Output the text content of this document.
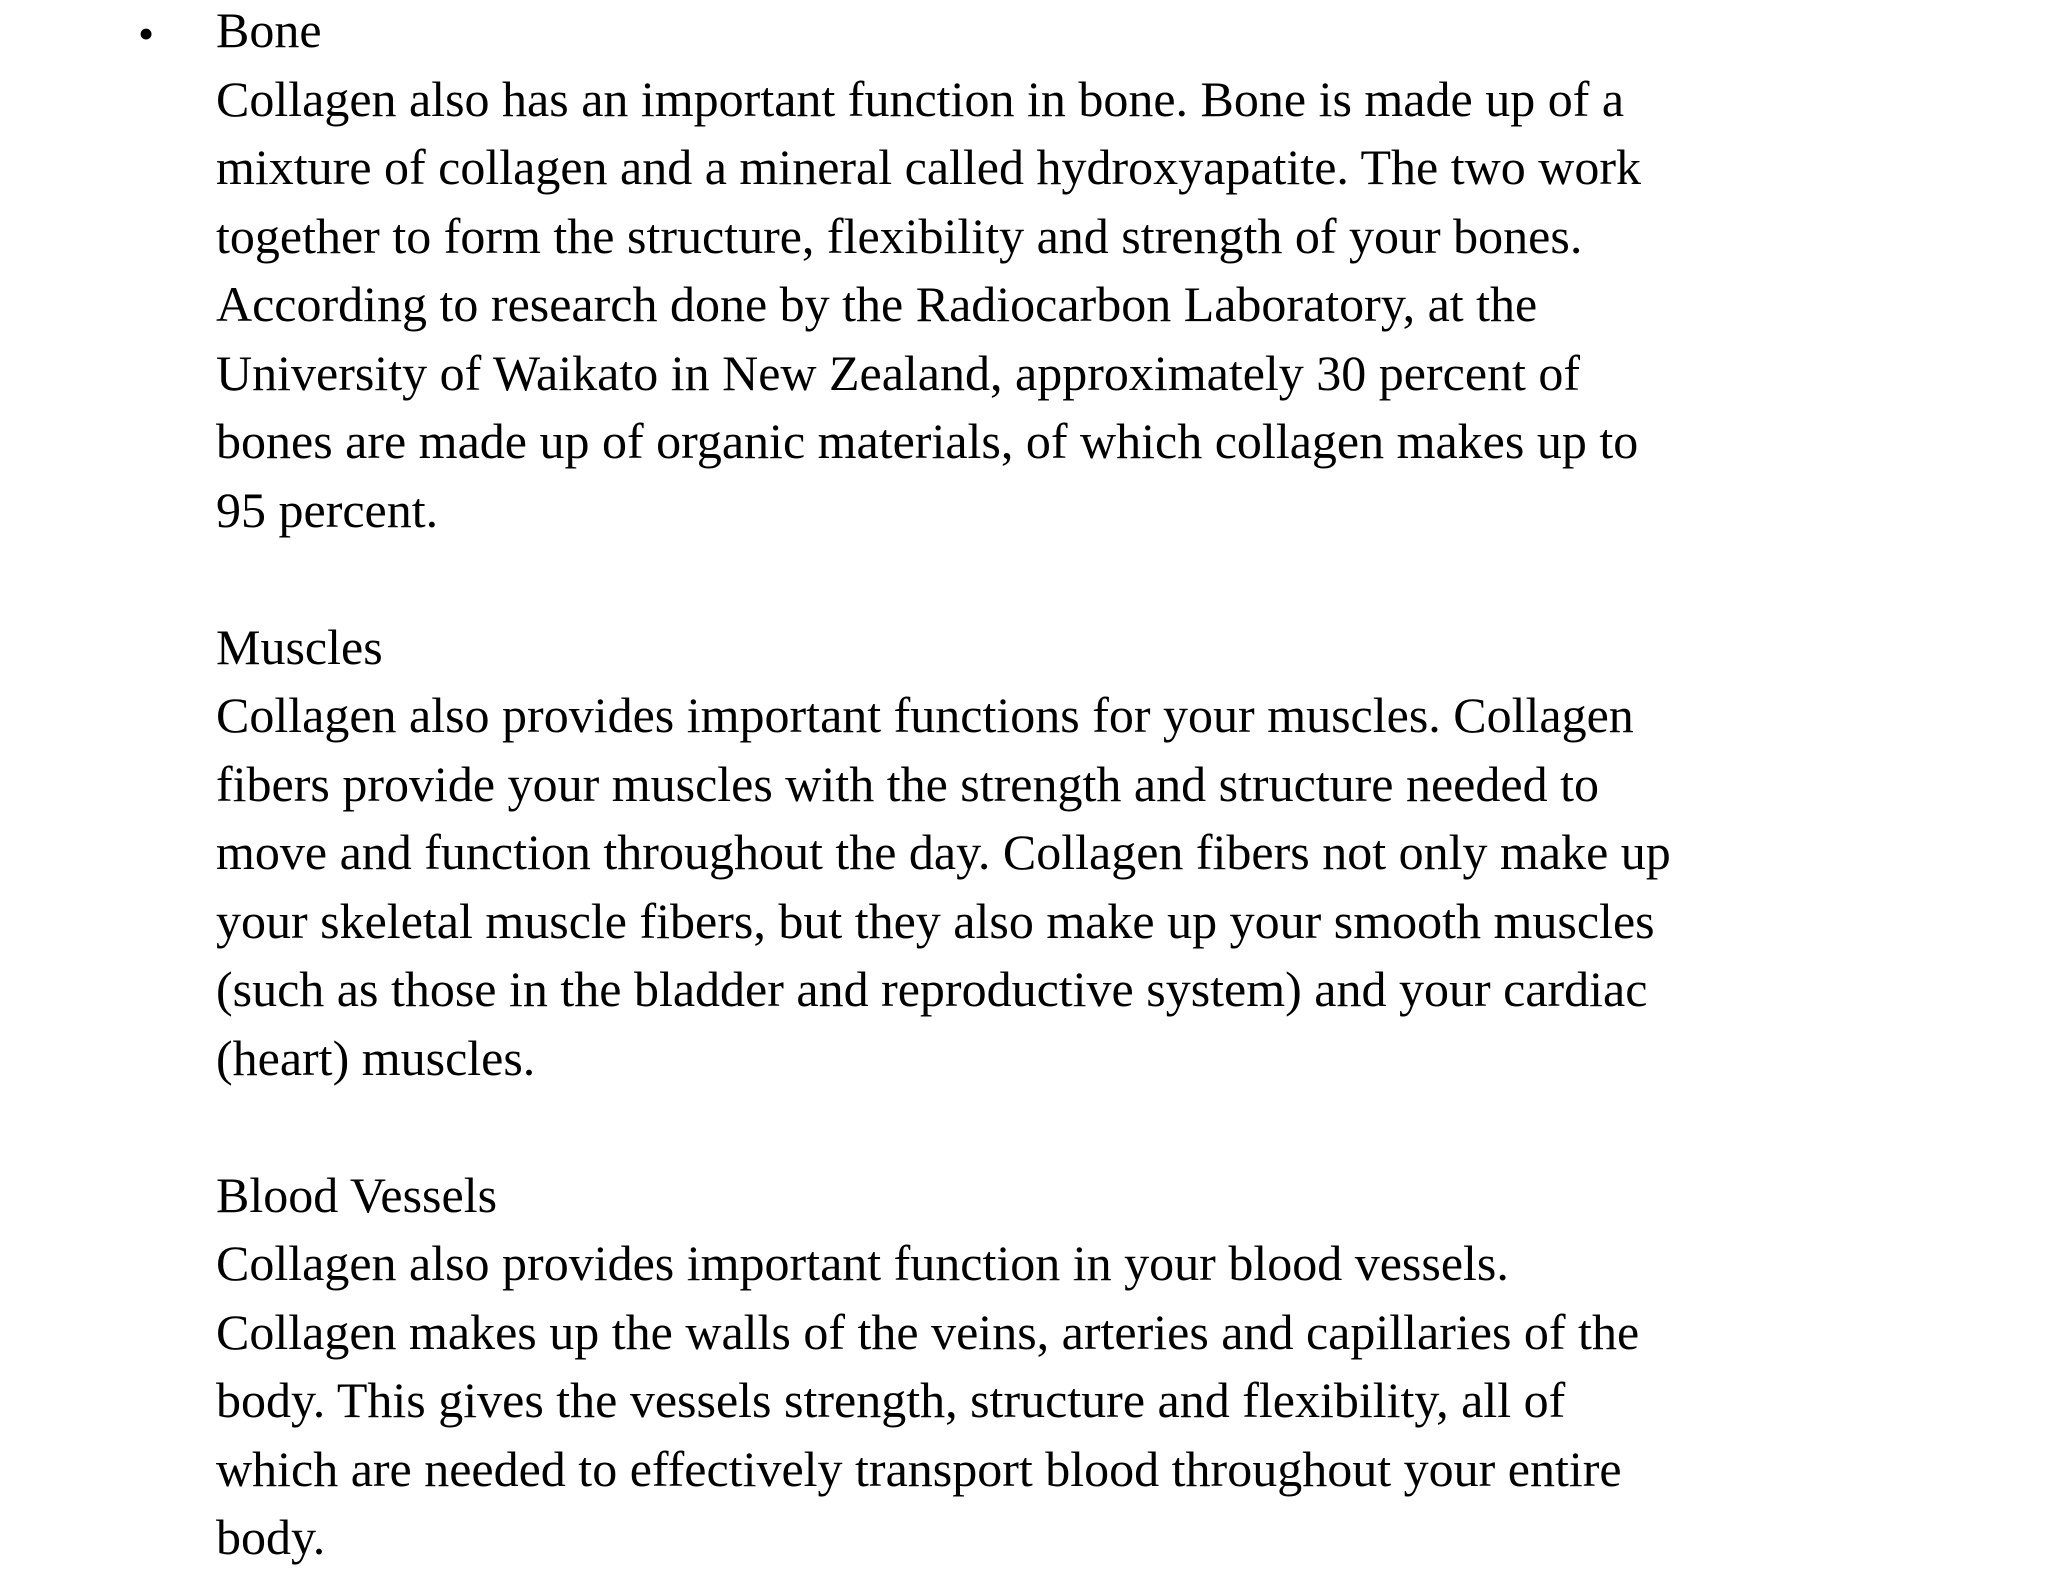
• Bone
Collagen also has an important function in bone. Bone is made up of a
mixture of collagen and a mineral called hydroxyapatite. The two work
together to form the structure, flexibility and strength of your bones.
According to research done by the Radiocarbon Laboratory, at the
University of Waikato in New Zealand, approximately 30 percent of
bones are made up of organic materials, of which collagen makes up to
95 percent.
Muscles
Collagen also provides important functions for your muscles. Collagen
fibers provide your muscles with the strength and structure needed to
move and function throughout the day. Collagen fibers not only make up
your skeletal muscle fibers, but they also make up your smooth muscles
(such as those in the bladder and reproductive system) and your cardiac
(heart) muscles.
Blood Vessels
Collagen also provides important function in your blood vessels.
Collagen makes up the walls of the veins, arteries and capillaries of the
body. This gives the vessels strength, structure and flexibility, all of
which are needed to effectively transport blood throughout your entire
body.
